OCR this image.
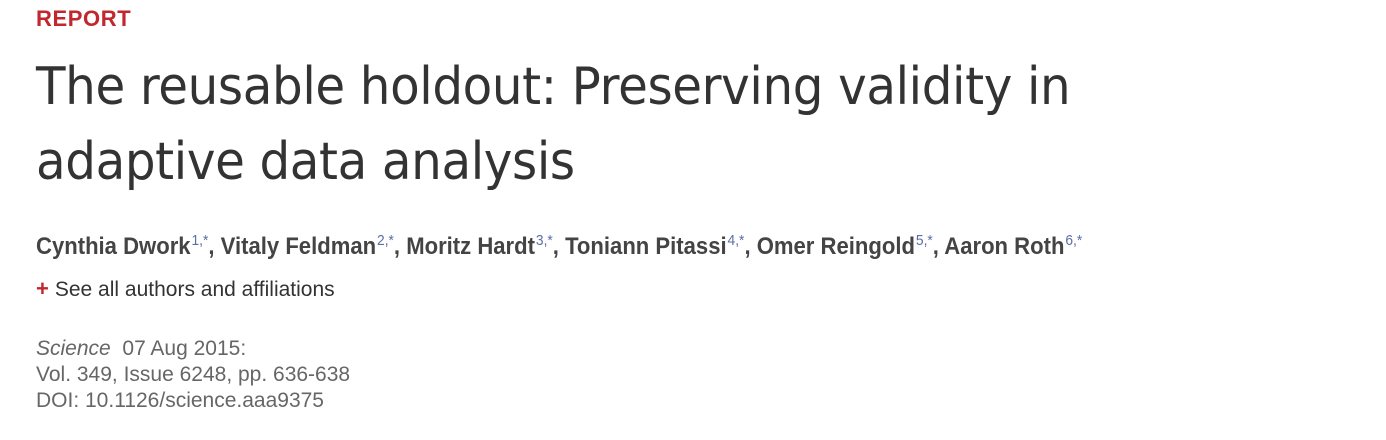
REPORT
The reusable holdout: Preserving validity in adaptive data analysis
Cynthia Dwork$^{1,*}$, Vitaly Feldman$^{2,*}$, Moritz Hardt$^{3,*}$, Toniann Pitassi$^{4,*}$, Omer Reingold$^{5,*}$, Aaron Roth$^{6,*}$
+ See all authors and affiliations
Science 07 Aug 2015:
Vol. 349, Issue 6248, pp. 636-638
DOI: 10.1126/science.aaa9375
